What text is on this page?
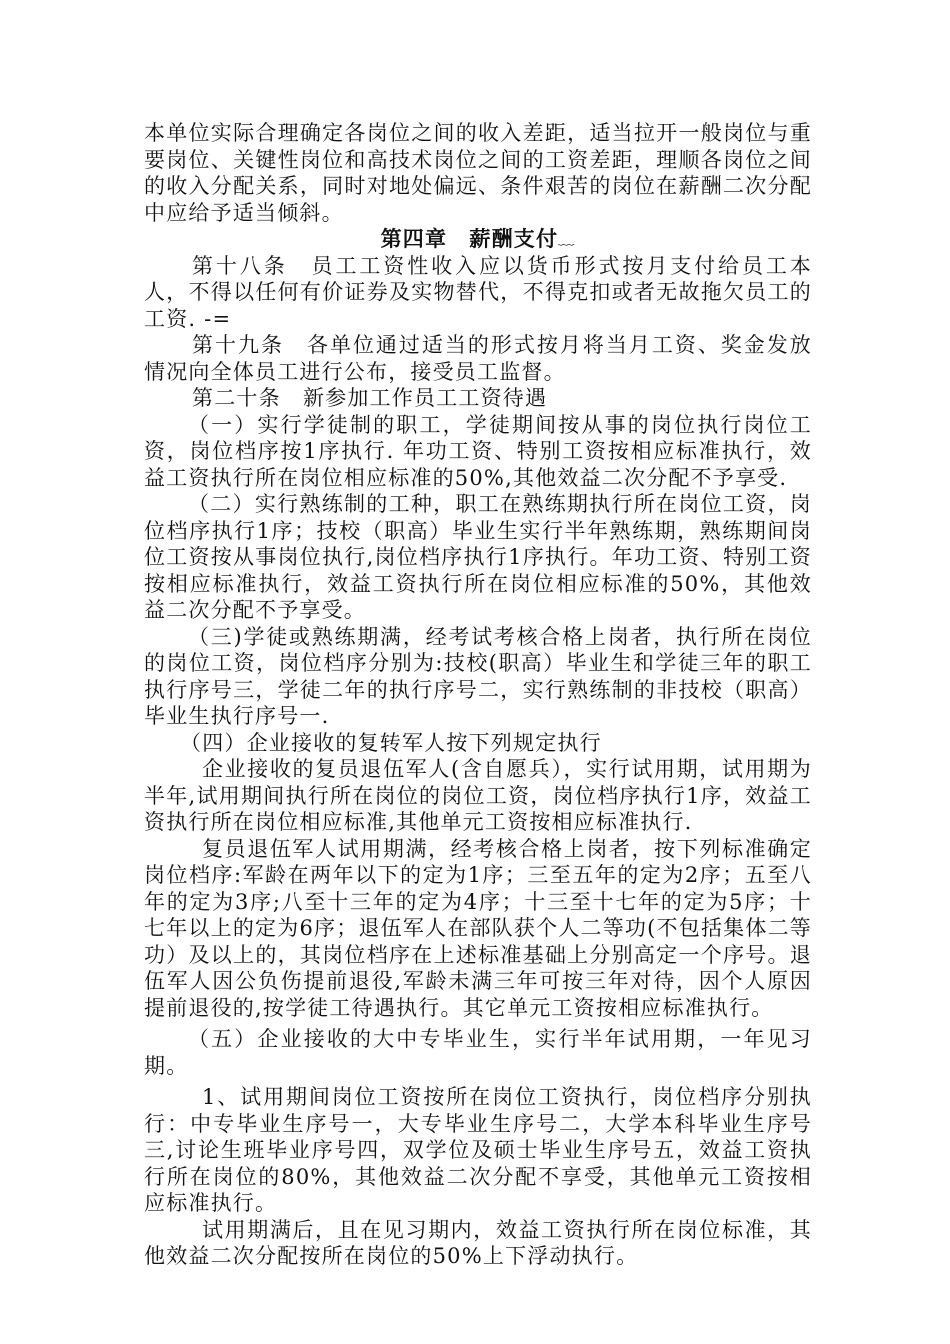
本单位实际合理确定各岗位之间的收入差距，适当拉开一般岗位与重要岗位、关键性岗位和高技术岗位之间的工资差距，理顺各岗位之间的收入分配关系，同时对地处偏远、条件艰苦的岗位在薪酬二次分配中应给予适当倾斜。

第四章　薪酬支付﹏

第十八条　员工工资性收入应以货币形式按月支付给员工本人，不得以任何有价证券及实物替代，不得克扣或者无故拖欠员工的工资. -=

第十九条　各单位通过适当的形式按月将当月工资、奖金发放情况向全体员工进行公布，接受员工监督。

第二十条　新参加工作员工工资待遇

（一）实行学徒制的职工，学徒期间按从事的岗位执行岗位工资，岗位档序按1序执行. 年功工资、特别工资按相应标准执行，效益工资执行所在岗位相应标准的50%,其他效益二次分配不予享受.

（二）实行熟练制的工种，职工在熟练期执行所在岗位工资，岗位档序执行1序；技校（职高）毕业生实行半年熟练期，熟练期间岗位工资按从事岗位执行,岗位档序执行1序执行。年功工资、特别工资按相应标准执行，效益工资执行所在岗位相应标准的50%，其他效益二次分配不予享受。

（三)学徒或熟练期满，经考试考核合格上岗者，执行所在岗位的岗位工资，岗位档序分别为:技校(职高）毕业生和学徒三年的职工执行序号三，学徒二年的执行序号二，实行熟练制的非技校（职高）毕业生执行序号一.

（四）企业接收的复转军人按下列规定执行

企业接收的复员退伍军人(含自愿兵），实行试用期，试用期为半年,试用期间执行所在岗位的岗位工资，岗位档序执行1序，效益工资执行所在岗位相应标准,其他单元工资按相应标准执行.

复员退伍军人试用期满，经考核合格上岗者，按下列标准确定岗位档序:军龄在两年以下的定为1序；三至五年的定为2序；五至八年的定为3序;八至十三年的定为4序；十三至十七年的定为5序；十七年以上的定为6序；退伍军人在部队获个人二等功(不包括集体二等功）及以上的，其岗位档序在上述标准基础上分别高定一个序号。退伍军人因公负伤提前退役,军龄未满三年可按三年对待，因个人原因提前退役的,按学徒工待遇执行。其它单元工资按相应标准执行。

（五）企业接收的大中专毕业生，实行半年试用期，一年见习期。

1、试用期间岗位工资按所在岗位工资执行，岗位档序分别执行：中专毕业生序号一，大专毕业生序号二，大学本科毕业生序号三,讨论生班毕业序号四，双学位及硕士毕业生序号五，效益工资执行所在岗位的80%，其他效益二次分配不享受，其他单元工资按相应标准执行。

试用期满后，且在见习期内，效益工资执行所在岗位标准，其他效益二次分配按所在岗位的50%上下浮动执行。
